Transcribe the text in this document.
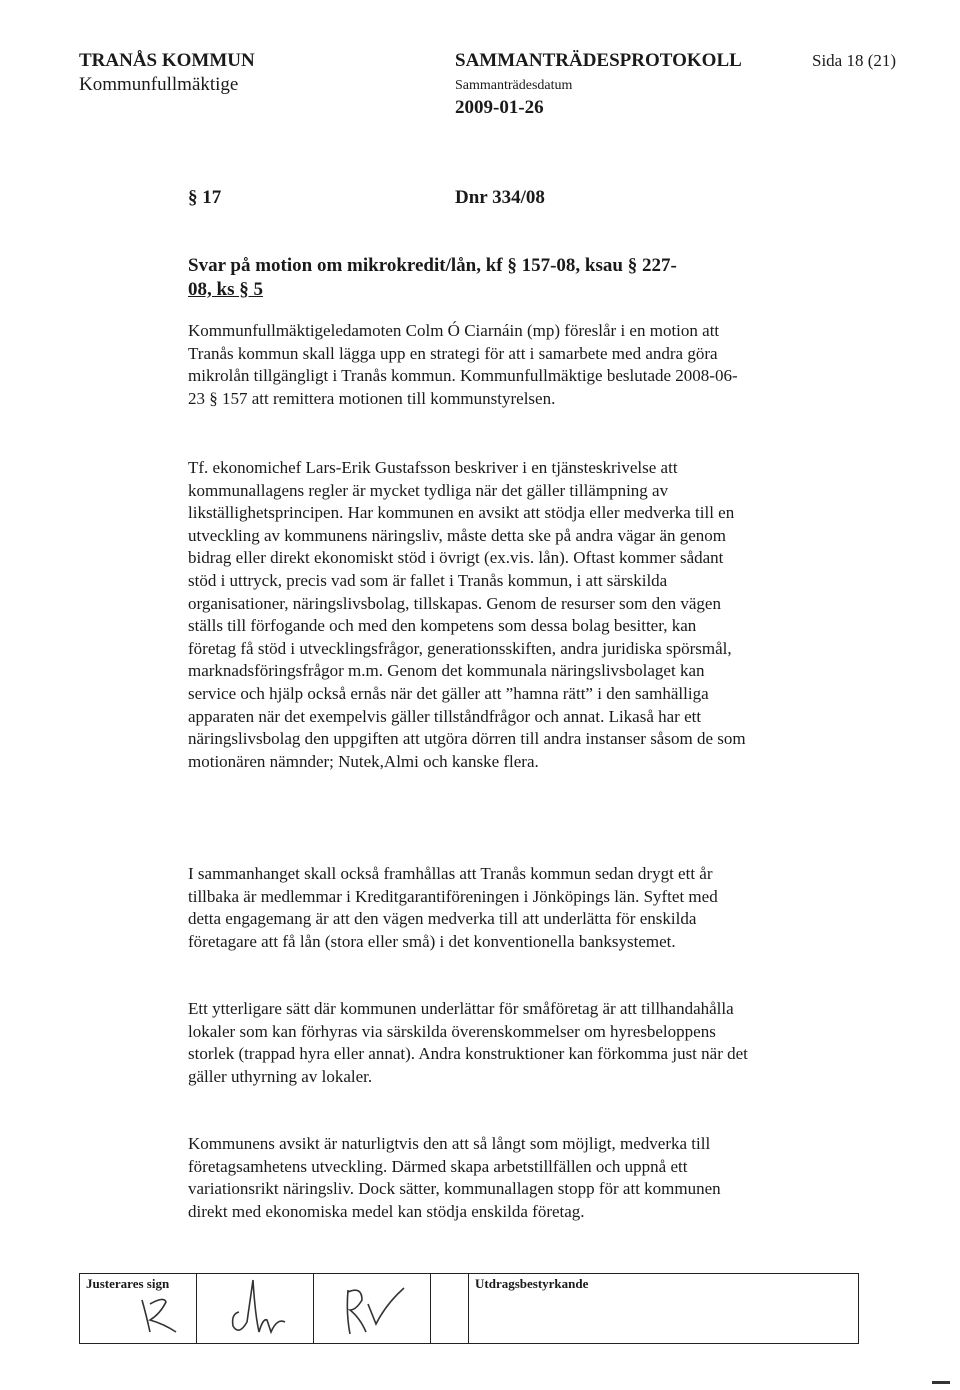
TRANÅS KOMMUN
Kommunfullmäktige
SAMMANTRÄDESPROTOKOLL
Sammanträdesdatum
2009-01-26
Sida 18 (21)
§ 17	Dnr 334/08
Svar på motion om mikrokredit/lån, kf § 157-08, ksau § 227-
08, ks § 5

Kommunfullmäktigeledamoten Colm Ó Ciarnáin (mp) föreslår i en motion att Tranås kommun skall lägga upp en strategi för att i samarbete med andra göra mikrolån tillgängligt i Tranås kommun. Kommunfullmäktige beslutade 2008-06-23 § 157 att remittera motionen till kommunstyrelsen.

Tf. ekonomichef Lars-Erik Gustafsson beskriver i en tjänsteskrivelse att kommunallagens regler är mycket tydliga när det gäller tillämpning av likställighetsprincipen. Har kommunen en avsikt att stödja eller medverka till en utveckling av kommunens näringsliv, måste detta ske på andra vägar än genom bidrag eller direkt ekonomiskt stöd i övrigt (ex.vis. lån). Oftast kommer sådant stöd i uttryck, precis vad som är fallet i Tranås kommun, i att särskilda organisationer, näringslivsbolag, tillskapas. Genom de resurser som den vägen ställs till förfogande och med den kompetens som dessa bolag besitter, kan företag få stöd i utvecklingsfrågor, generationsskiften, andra juridiska spörsmål, marknadsföringsfrågor m.m. Genom det kommunala näringslivsbolaget kan service och hjälp också ernås när det gäller att ”hamna rätt” i den samhälliga apparaten när det exempelvis gäller tillståndfrågor och annat. Likaså har ett näringslivsbolag den uppgiften att utgöra dörren till andra instanser såsom de som motionären nämnder; Nutek,Almi och kanske flera.

I sammanhanget skall också framhållas att Tranås kommun sedan drygt ett år tillbaka är medlemmar i Kreditgarantiföreningen i Jönköpings län. Syftet med detta engagemang är att den vägen medverka till att underlätta för enskilda företagare att få lån (stora eller små) i det konventionella banksystemet.

Ett ytterligare sätt där kommunen underlättar för småföretag är att tillhandahålla lokaler som kan förhyras via särskilda överenskommelser om hyresbeloppens storlek (trappad hyra eller annat). Andra konstruktioner kan förkomma just när det gäller uthyrning av lokaler.

Kommunens avsikt är naturligtvis den att så långt som möjligt, medverka till företagsamhetens utveckling. Därmed skapa arbetstillfällen och uppnå ett variationsrikt näringsliv. Dock sätter, kommunallagen stopp för att kommunen direkt med ekonomiska medel kan stödja enskilda företag.

Justerares sign	Utdragsbestyrkande
